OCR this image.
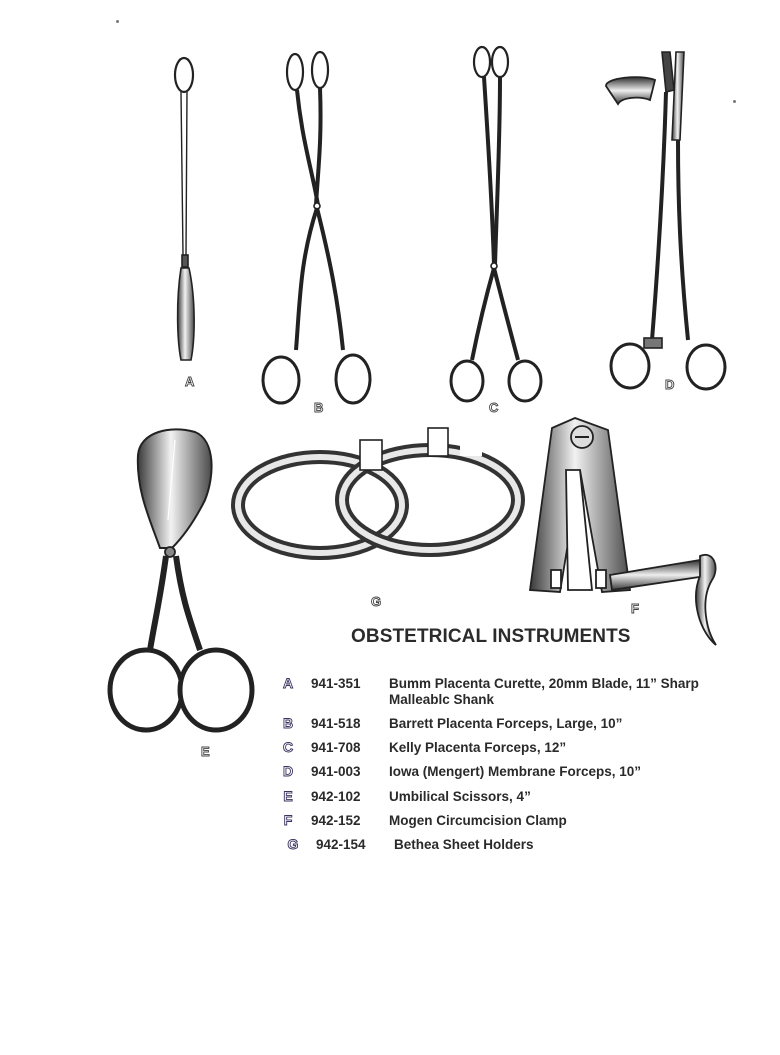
A
B	C
D
E
F
G
OBSTETRICAL INSTRUMENTS
A	941-351 Bumm Placenta Curette, 20mm Blade, 11” Sharp Malleablc Shank
B	941-518 Barrett Placenta Forceps, Large, 10”
C	941-708 Kelly Placenta Forceps, 12”
D	941-003 Iowa (Mengert) Membrane Forceps, 10”
E	942-102 Umbilical Scissors, 4”
F	942-152 Mogen Circumcision Clamp
G	942-154 Bethea Sheet Holders
